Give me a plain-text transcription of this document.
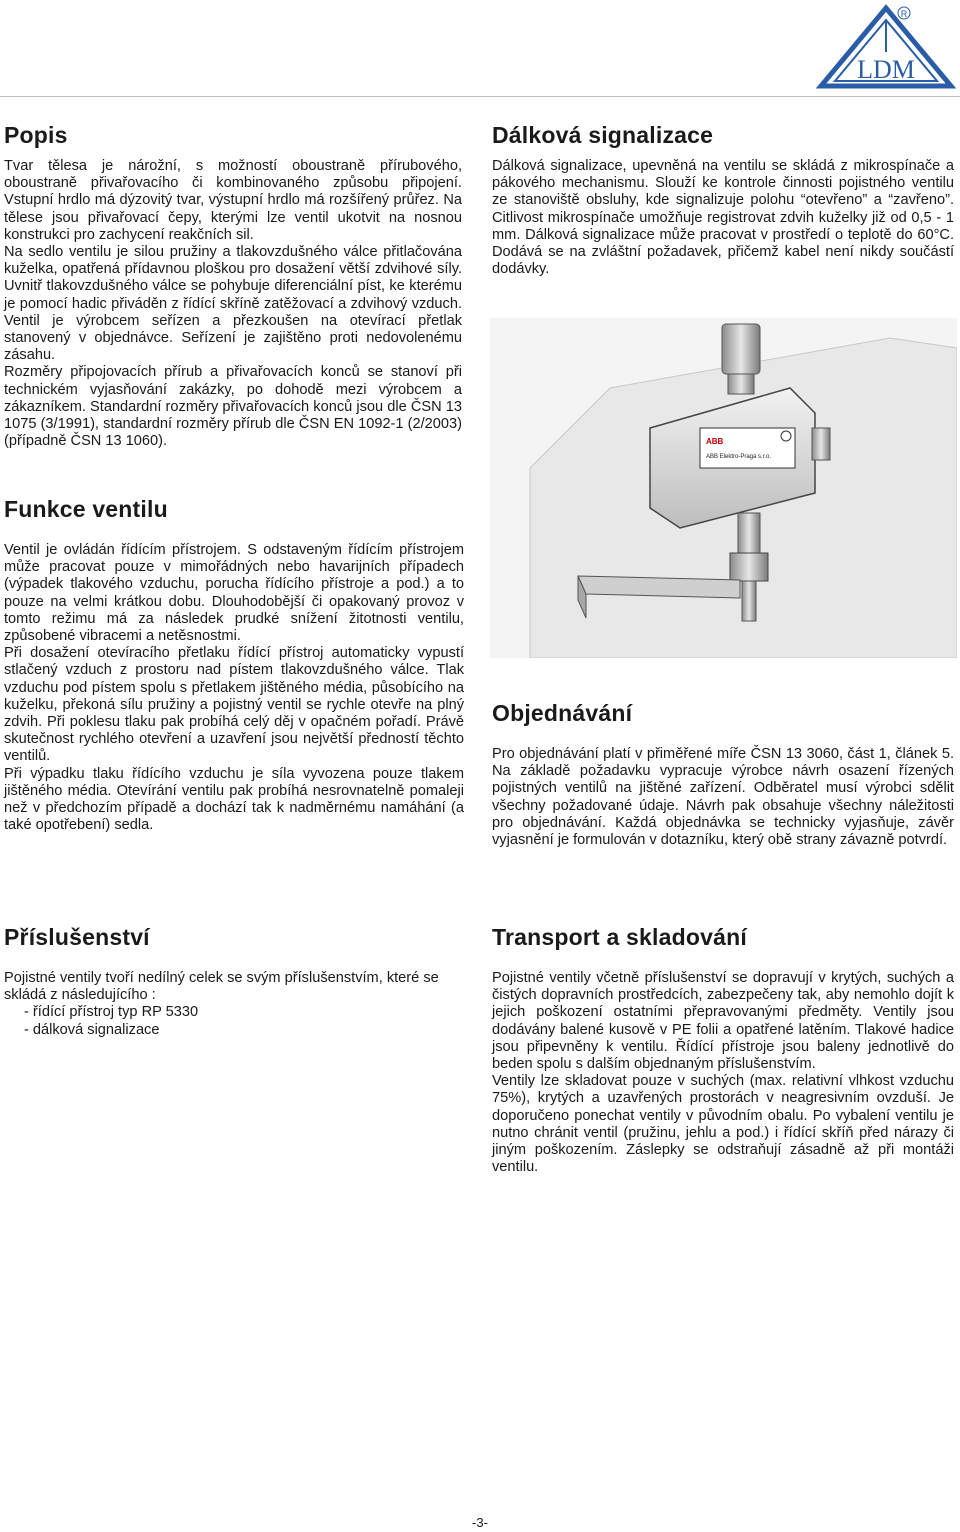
LDM
R
Popis

Tvar tělesa je nárožní, s možností oboustraně přírubového, oboustraně přivařovacího či kombinovaného způsobu připojení. Vstupní hrdlo má dýzovitý tvar, výstupní hrdlo má rozšířený průřez. Na tělese jsou přivařovací čepy, kterými lze ventil ukotvit na nosnou konstrukci pro zachycení reakčních sil.

Na sedlo ventilu je silou pružiny a tlakovzdušného válce přitlačována kuželka, opatřená přídavnou ploškou pro dosažení větší zdvihové síly. Uvnitř tlakovzdušného válce se pohybuje diferenciální píst, ke kterému je pomocí hadic přiváděn z řídící skříně zatěžovací a zdvihový vzduch. Ventil je výrobcem seřízen a přezkoušen na otevírací přetlak stanovený v objednávce. Seřízení je zajištěno proti nedovolenému zásahu.

Rozměry připojovacích přírub a přivařovacích konců se stanoví při technickém vyjasňování zakázky, po dohodě mezi výrobcem a zákazníkem. Standardní rozměry přivařovacích konců jsou dle ČSN 13 1075 (3/1991), standardní rozměry přírub dle ČSN EN 1092-1 (2/2003) (případně ČSN 13 1060).

Dálková signalizace

Dálková signalizace, upevněná na ventilu se skládá z mikrospínače a pákového mechanismu. Slouží ke kontrole činnosti pojistného ventilu ze stanoviště obsluhy, kde signalizuje polohu “otevřeno” a “zavřeno”. Citlivost mikrospínače umožňuje registrovat zdvih kuželky již od 0,5 - 1 mm. Dálková signalizace může pracovat v prostředí o teplotě do 60°C. Dodává se na zvláštní požadavek, přičemž kabel není nikdy součástí dodávky.

ABB
ABB Elektro-Praga s.r.o.
Funkce ventilu

Ventil je ovládán řídícím přístrojem. S odstaveným řídícím přístrojem může pracovat pouze v mimořádných nebo havarijních případech (výpadek tlakového vzduchu, porucha řídícího přístroje a pod.) a to pouze na velmi krátkou dobu. Dlouhodobější či opakovaný provoz v tomto režimu má za následek prudké snížení žitotnosti ventilu, způsobené vibracemi a netěsnostmi.

Při dosažení otevíracího přetlaku řídící přístroj automaticky vypustí stlačený vzduch z prostoru nad pístem tlakovzdušného válce. Tlak vzduchu pod pístem spolu s přetlakem jištěného média, působícího na kuželku, překoná sílu pružiny a pojistný ventil se rychle otevře na plný zdvih. Při poklesu tlaku pak probíhá celý děj v opačném pořadí. Právě skutečnost rychlého otevření a uzavření jsou největší předností těchto ventilů.

Při výpadku tlaku řídícího vzduchu je síla vyvozena pouze tlakem jištěného média. Otevírání ventilu pak probíhá nesrovnatelně pomaleji než v předchozím případě a dochází tak k nadměrnému namáhání (a také opotřebení) sedla.

Objednávání

Pro objednávání platí v přiměřené míře ČSN 13 3060, část 1, článek 5. Na základě požadavku vypracuje výrobce návrh osazení řízených pojistných ventilů na jištěné zařízení. Odběratel musí výrobci sdělit všechny požadované údaje. Návrh pak obsahuje všechny náležitosti pro objednávání. Každá objednávka se technicky vyjasňuje, závěr vyjasnění je formulován v dotazníku, který obě strany závazně potvrdí.

Příslušenství

Pojistné ventily tvoří nedílný celek se svým příslušenstvím, které se skládá z následujícího :

- řídící přístroj typ RP 5330

- dálková signalizace

Transport a skladování

Pojistné ventily včetně příslušenství se dopravují v krytých, suchých a čistých dopravních prostředcích, zabezpečeny tak, aby nemohlo dojít k jejich poškození ostatními přepravovanými předměty. Ventily jsou dodávány balené kusově v PE folii a opatřené latěním. Tlakové hadice jsou připevněny k ventilu. Řídící přístroje jsou baleny jednotlivě do beden spolu s dalším objednaným příslušenstvím.

Ventily lze skladovat pouze v suchých (max. relativní vlhkost vzduchu 75%), krytých a uzavřených prostorách v neagresivním ovzduší. Je doporučeno ponechat ventily v původním obalu. Po vybalení ventilu je nutno chránit ventil (pružinu, jehlu a pod.) i řídící skříň před nárazy či jiným poškozením. Záslepky se odstraňují zásadně až při montáži ventilu.

-3-
